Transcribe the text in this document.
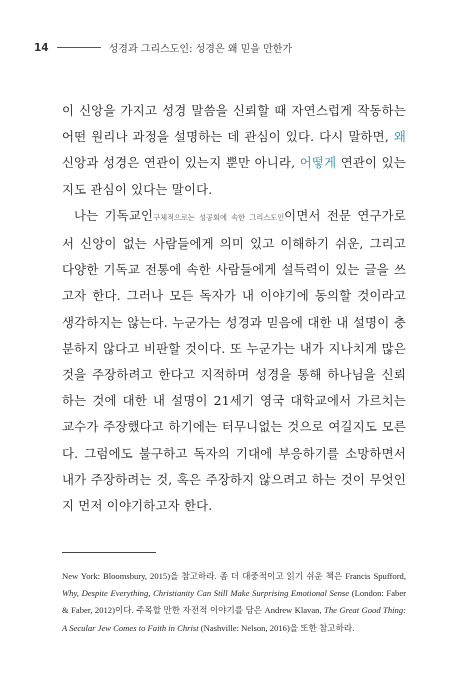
14	성경과 그리스도인: 성경은 왜 믿을 만한가

이 신앙을 가지고 성경 말씀을 신뢰할 때 자연스럽게 작동하는 어떤 원리나 과정을 설명하는 데 관심이 있다. 다시 말하면, 왜 신앙과 성경은 연관이 있는지 뿐만 아니라, 어떻게 연관이 있는지도 관심이 있다는 말이다.

나는 기독교인구체적으로는 성공회에 속한 그리스도인이면서 전문 연구가로서 신앙이 없는 사람들에게 의미 있고 이해하기 쉬운, 그리고 다양한 기독교 전통에 속한 사람들에게 설득력이 있는 글을 쓰고자 한다. 그러나 모든 독자가 내 이야기에 동의할 것이라고 생각하지는 않는다. 누군가는 성경과 믿음에 대한 내 설명이 충분하지 않다고 비판할 것이다. 또 누군가는 내가 지나치게 많은 것을 주장하려고 한다고 지적하며 성경을 통해 하나님을 신뢰하는 것에 대한 내 설명이 21세기 영국 대학교에서 가르치는 교수가 주장했다고 하기에는 터무니없는 것으로 여길지도 모른다. 그럼에도 불구하고 독자의 기대에 부응하기를 소망하면서 내가 주장하려는 것, 혹은 주장하지 않으려고 하는 것이 무엇인지 먼저 이야기하고자 한다.

New York: Bloomsbury, 2015)을 참고하라. 좀 더 대중적이고 읽기 쉬운 책은 Francis Spufford, Why, Despite Everything, Christianity Can Still Make Surprising Emotional Sense (London: Faber & Faber, 2012)이다. 주목할 만한 자전적 이야기를 담은 Andrew Klavan, The Great Good Thing: A Secular Jew Comes to Faith in Christ (Nashville: Nelson, 2016)을 또한 참고하라.
